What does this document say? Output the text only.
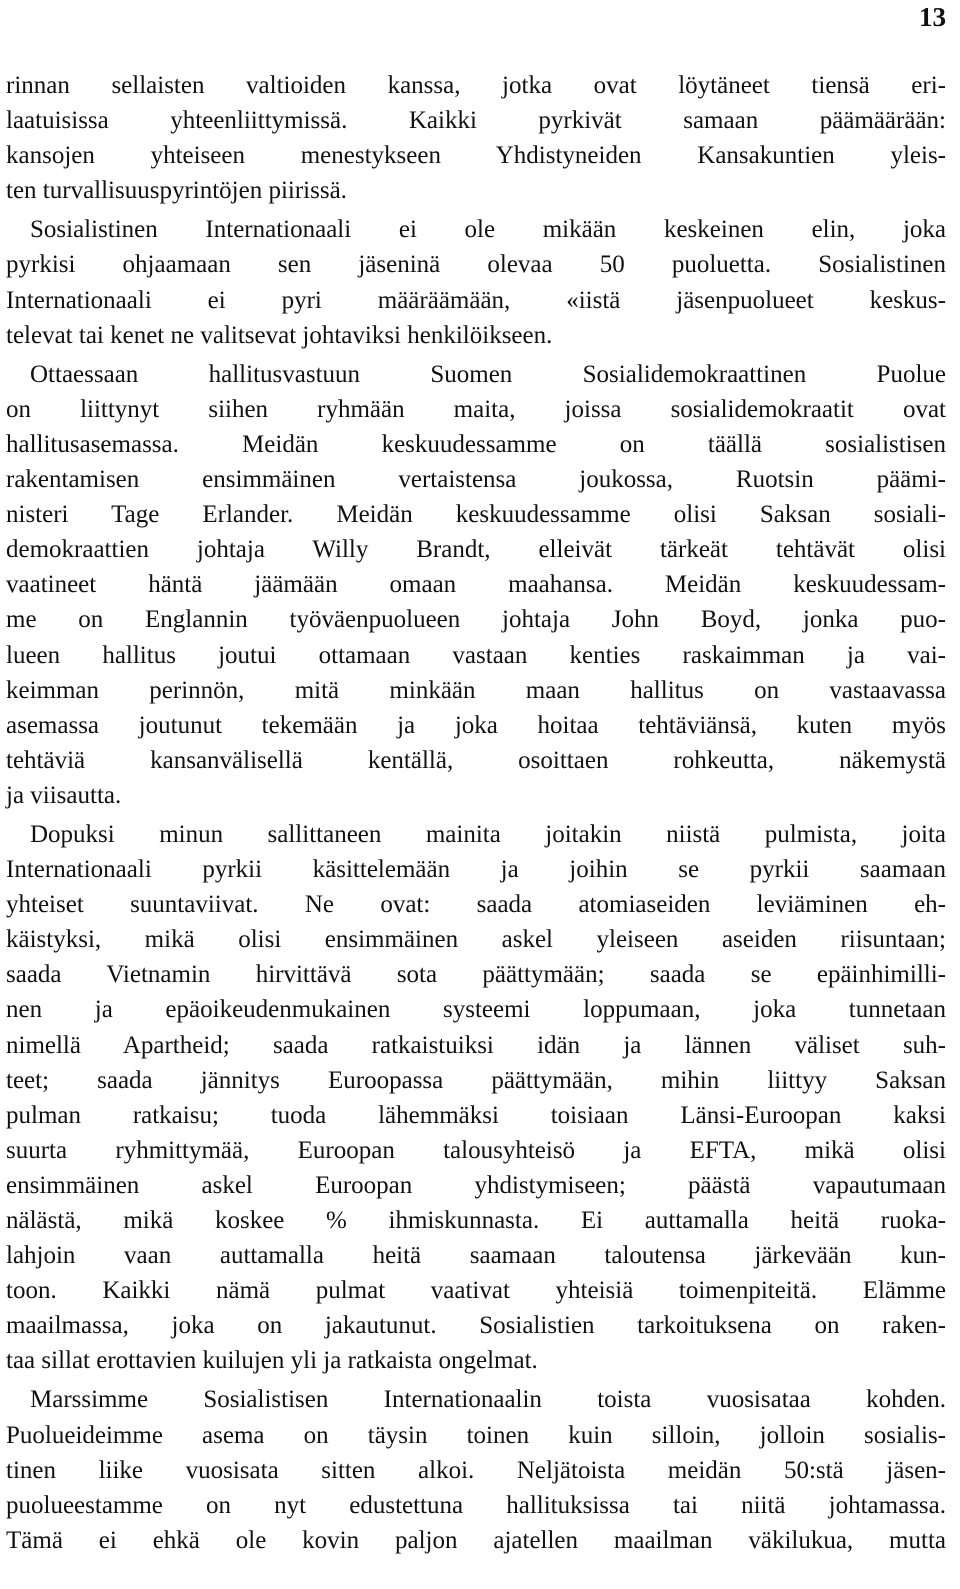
13
rinnan sellaisten valtioiden kanssa, jotka ovat löytäneet tiensä eri-
laatuisissa yhteenliittymissä. Kaikki pyrkivät samaan päämäärään:
kansojen yhteiseen menestykseen Yhdistyneiden Kansakuntien yleis-
ten turvallisuuspyrintöjen piirissä.
Sosialistinen Internationaali ei ole mikään keskeinen elin, joka
pyrkisi ohjaamaan sen jäseninä olevaa 50 puoluetta. Sosialistinen
Internationaali ei pyri määräämään, «iistä jäsenpuolueet keskus-
televat tai kenet ne valitsevat johtaviksi henkilöikseen.
Ottaessaan hallitusvastuun Suomen Sosialidemokraattinen Puolue
on liittynyt siihen ryhmään maita, joissa sosialidemokraatit ovat
hallitusasemassa. Meidän keskuudessamme on täällä sosialistisen
rakentamisen ensimmäinen vertaistensa joukossa, Ruotsin päämi-
nisteri Tage Erlander. Meidän keskuudessamme olisi Saksan sosiali-
demokraattien johtaja Willy Brandt, elleivät tärkeät tehtävät olisi
vaatineet häntä jäämään omaan maahansa. Meidän keskuudessam-
me on Englannin työväenpuolueen johtaja John Boyd, jonka puo-
lueen hallitus joutui ottamaan vastaan kenties raskaimman ja vai-
keimman perinnön, mitä minkään maan hallitus on vastaavassa
asemassa joutunut tekemään ja joka hoitaa tehtäviänsä, kuten myös
tehtäviä kansanvälisellä kentällä, osoittaen rohkeutta, näkemystä
ja viisautta.
Dopuksi minun sallittaneen mainita joitakin niistä pulmista, joita
Internationaali pyrkii käsittelemään ja joihin se pyrkii saamaan
yhteiset suuntaviivat. Ne ovat: saada atomiaseiden leviäminen eh-
käistyksi, mikä olisi ensimmäinen askel yleiseen aseiden riisuntaan;
saada Vietnamin hirvittävä sota päättymään; saada se epäinhimilli-
nen ja epäoikeudenmukainen systeemi loppumaan, joka tunnetaan
nimellä Apartheid; saada ratkaistuiksi idän ja lännen väliset suh-
teet; saada jännitys Euroopassa päättymään, mihin liittyy Saksan
pulman ratkaisu; tuoda lähemmäksi toisiaan Länsi-Euroopan kaksi
suurta ryhmittymää, Euroopan talousyhteisö ja EFTA, mikä olisi
ensimmäinen askel Euroopan yhdistymiseen; päästä vapautumaan
nälästä, mikä koskee % ihmiskunnasta. Ei auttamalla heitä ruoka-
lahjoin vaan auttamalla heitä saamaan taloutensa järkevään kun-
toon. Kaikki nämä pulmat vaativat yhteisiä toimenpiteitä. Elämme
maailmassa, joka on jakautunut. Sosialistien tarkoituksena on raken-
taa sillat erottavien kuilujen yli ja ratkaista ongelmat.
Marssimme Sosialistisen Internationaalin toista vuosisataa kohden.
Puolueideimme asema on täysin toinen kuin silloin, jolloin sosialis-
tinen liike vuosisata sitten alkoi. Neljätoista meidän 50:stä jäsen-
puolueestamme on nyt edustettuna hallituksissa tai niitä johtamassa.
Tämä ei ehkä ole kovin paljon ajatellen maailman väkilukua, mutta
